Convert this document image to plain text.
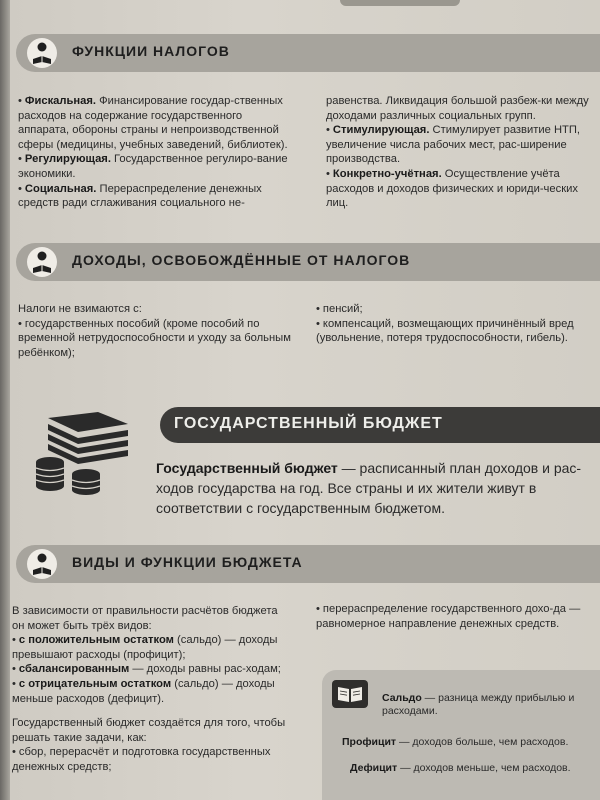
ФУНКЦИИ НАЛОГОВ

• Фискальная. Финансирование государ-ственных расходов на содержание государственного аппарата, обороны страны и непроизводственной сферы (медицины, учебных заведений, библиотек).

• Регулирующая. Государственное регулиро-вание экономики.

• Социальная. Перераспределение денежных средств ради сглаживания социального не-

равенства. Ликвидация большой разбеж-ки между доходами различных социальных групп.

• Стимулирующая. Стимулирует развитие НТП, увеличение числа рабочих мест, рас-ширение производства.

• Конкретно-учётная. Осуществление учёта расходов и доходов физических и юриди-ческих лиц.

ДОХОДЫ, ОСВОБОЖДЁННЫЕ ОТ НАЛОГОВ

Налоги не взимаются с:

• государственных пособий (кроме пособий по временной нетрудоспособности и уходу за больным ребёнком);

• пенсий;

• компенсаций, возмещающих причинённый вред (увольнение, потеря трудоспособности, гибель).

ГОСУДАРСТВЕННЫЙ БЮДЖЕТ
Государственный бюджет — расписанный план доходов и рас-ходов государства на год. Все страны и их жители живут в соответствии с государственным бюджетом.
ВИДЫ И ФУНКЦИИ БЮДЖЕТА

В зависимости от правильности расчётов бюджета он может быть трёх видов:

• с положительным остатком (сальдо) — доходы превышают расходы (профицит);

• сбалансированным — доходы равны рас-ходам;

• с отрицательным остатком (сальдо) — доходы меньше расходов (дефицит).

Государственный бюджет создаётся для того, чтобы решать такие задачи, как:

• сбор, перерасчёт и подготовка государственных денежных средств;

• перераспределение государственного дохо-да — равномерное направление денежных средств.

Сальдо — разница между прибылью и расходами.

Профицит — доходов больше, чем расходов.

Дефицит — доходов меньше, чем расходов.
